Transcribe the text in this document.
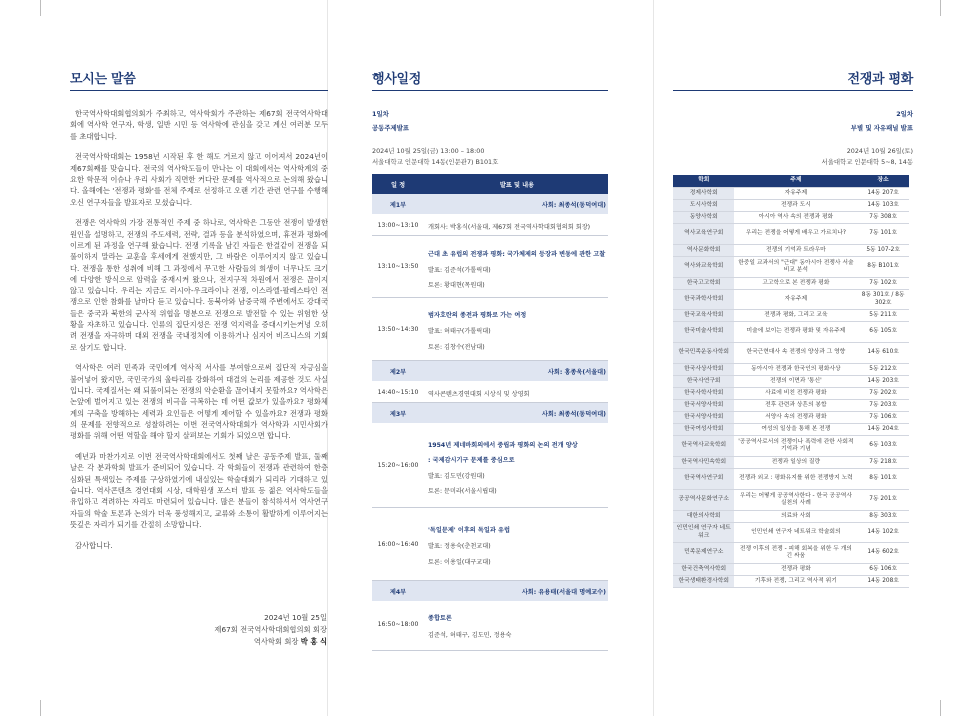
모시는 말씀

한국역사학대회협의회가 주최하고, 역사학회가 주관하는 제67회 전국역사학대회에 역사학 연구자, 학생, 일반 시민 등 역사학에 관심을 갖고 계신 여러분 모두를 초대합니다.

전국역사학대회는 1958년 시작된 후 한 해도 거르지 않고 이어져서 2024년이 제67회째를 맞습니다. 전국의 역사학도들이 만나는 이 대회에서는 역사학계의 중요한 학문적 이슈나 우리 사회가 직면한 커다란 문제를 역사적으로 논의해 왔습니다. 올해에는 '전쟁과 평화'를 전체 주제로 선정하고 오랜 기간 관련 연구를 수행해 오신 연구자들을 발표자로 모셨습니다.

전쟁은 역사학의 가장 전통적인 주제 중 하나로, 역사학은 그동안 전쟁이 발생한 원인을 설명하고, 전쟁의 주도세력, 전략, 결과 등을 분석하였으며, 휴전과 평화에 이르게 된 과정을 연구해 왔습니다. 전쟁 기록을 남긴 자들은 한결같이 전쟁을 되풀이하지 말라는 교훈을 후세에게 전했지만, 그 바람은 이루어지지 않고 있습니다. 전쟁을 통한 성취에 비해 그 과정에서 무고한 사람들의 희생이 너무나도 크기에 다양한 방식으로 암력을 중재시켜 왔으나, 전지구적 차원에서 전쟁은 끊이지 않고 있습니다. 우리는 지금도 러시아-우크라이나 전쟁, 이스라엘-팔레스타인 전쟁으로 인한 참화를 날마다 듣고 있습니다. 동북아와 남중국해 주변에서도 강대국들은 중국과 북한의 군사적 위협을 명분으로 전쟁으로 발전할 수 있는 위험한 상황을 자초하고 있습니다. 인류의 집단지성은 전쟁 억지력을 증대시키는커녕 오히려 전쟁을 자극하며 대외 전쟁을 국내정치에 이용하거나 심지어 비즈니스의 기회로 삼기도 합니다.

역사학은 여러 민족과 국민에게 역사적 서사를 부여함으로써 집단적 자긍심을 불어넣어 왔지만, 국민국가의 울타리를 강화하여 대결의 논리를 제공한 것도 사실입니다. 국제질서는 왜 되풀이되는 전쟁의 악순환을 끊어내지 못할까요? 역사학은 논앞에 벌어지고 있는 전쟁의 비극을 극복하는 데 어떤 값보가 있을까요? 평화체계의 구축을 방해하는 세력과 요인들은 어떻게 제어할 수 있을까요? 전쟁과 평화의 문제를 전향적으로 성찰하려는 이번 전국역사학대회가 역사학과 시민사회가 평화를 위해 어떤 역할을 해야 할지 살펴보는 기회가 되었으면 합니다.

예년과 마찬가지로 이번 전국역사학대회에서도 첫째 날은 공동주제 발표, 둘째 날은 각 분과학회 발표가 준비되어 있습니다. 각 학회들이 전쟁과 관련하여 한층 심화된 특색있는 주제를 구상하였기에 내실있는 학술대회가 되리라 기대하고 있습니다. 역사콘텐츠 경연대회 시상, 대학원생 포스터 발표 등 젊은 역사학도들을 유입하고 격려하는 자리도 마련되어 있습니다. 많은 분들이 참석하셔서 역사연구자들의 학술 토론과 논의가 더욱 풍성해지고, 교류와 소통이 활발하게 이루어지는 뜻깊은 자리가 되기를 간절히 소망합니다.

감사합니다.

2024년 10월 25일
제67회 전국역사학대회협의회 회장
역사학회 회장 박 홍 식
행사일정
1일차
공동주제발표
2024년 10월 25일(금) 13:00 – 18:00
서울대학교 인문대학 14동(인문관7) B101호
일 정	발표 및 내용
제1부	사회: 최종석(동덕여대)
13:00~13:10	개회사: 박홍식(서울대, 제67회 전국역사학대회협의회 회장)
13:10~13:50
근대 초 유럽의 전쟁과 평화: 국가체제의 등장과 변동에 관한 고찰
발표: 김준석(가톨릭대)
토론: 황대현(목원대)
13:50~14:30
범자호란의 종전과 평화로 가는 여정
발표: 허태구(가톨릭대)
토론: 김창수(전남대)
제2부	사회: 홍종욱(서울대)
14:40~15:10	역사콘텐츠경연대회 시상식 및 상영회
제3부	사회: 최종석(동덕여대)
15:20~16:00
1954년 제네바회의에서 중립과 평화의 논의 전개 양상
: 국제감시기구 문제를 중심으로
발표: 김도민(강원대)
토론: 문미라(서울시립대)
16:00~16:40
'독일문제' 이후의 독일과 유럽
발표: 정용숙(춘천교대)
토론: 이용일(대구교대)
제4부	사회: 유용태(서울대 명예교수)
16:50~18:00
종합토론
김준석, 허태구, 김도민, 정용숙
전쟁과 평화
2일차
부별 및 자유패널 발표
2024년 10월 26일(토)
서울대학교 인문대학 5~8, 14동
학회	주제	장소
경제사학회	자유주제	14동 207호
도시사학회	전쟁과 도시	14동 103호
동양사학회	아시아 역사 속의 전쟁과 평화	7동 308호
역사교육연구회	우리는 전쟁을 어떻게 배우고 가르치나?	7동 101호
역사문화학회	전쟁의 기억과 트라우마	5동 107-2호
역사와교육학회	한중일 교과서의 "근대" 동아시아 전쟁사 서술 비교 분석	8동 B101호
한국고고학회	고고학으로 본 전쟁과 평화	7동 102호
한국과학사학회	자유주제	8동 301호 / 8동 302호
한국교육사학회	전쟁과 평화, 그리고 교육	5동 211호
한국미술사학회	미술에 보이는 전쟁과 평화 및 자유주제	6동 105호
한국민족운동사학회	한국근현대사 속 전쟁의 양상과 그 영향	14동 610호
한국사상사학회	동아시아 전쟁과 한국인의 평화사상	5동 212호
한국사연구회	전쟁의 이면과 '통신'	14동 203호
한국사학사학회	사료에 비친 전쟁과 평화	7동 202호
한국서양사학회	전후 관련과 상흔의 봉합	7동 203호
한국서양사학회	서양사 속의 전쟁과 평화	7동 106호
한국여성사학회	여성의 일상을 통해 본 전쟁	14동 204호
한국역사교육학회	'공공역사로서의 전쟁이나 폭력에 관한 사회적 기억과 기념	6동 103호
한국역사민속학회	전쟁과 일상의 질량	7동 218호
한국역사연구회	전쟁과 외교 : 평화유지를 위한 전쟁방지 노력	8동 101호
공공역사문화연구소	우리는 어떻게 공공역사한다 - 한국 공공역사 실천의 사례	7동 201호
대한의사학회	의료와 사회	8동 303호
인민인쇄 연구자 네트워크	인민인쇄 연구자 네트워크 학술회의	14동 102호
민족문제연구소	전쟁 이후의 전쟁 - 피해 회복을 위한 두 개의 긴 싸움	14동 602호
한국건축역사학회	전쟁과 평화	6동 106호
한국생태환경사학회	기후와 전쟁, 그리고 역사적 위기	14동 208호
